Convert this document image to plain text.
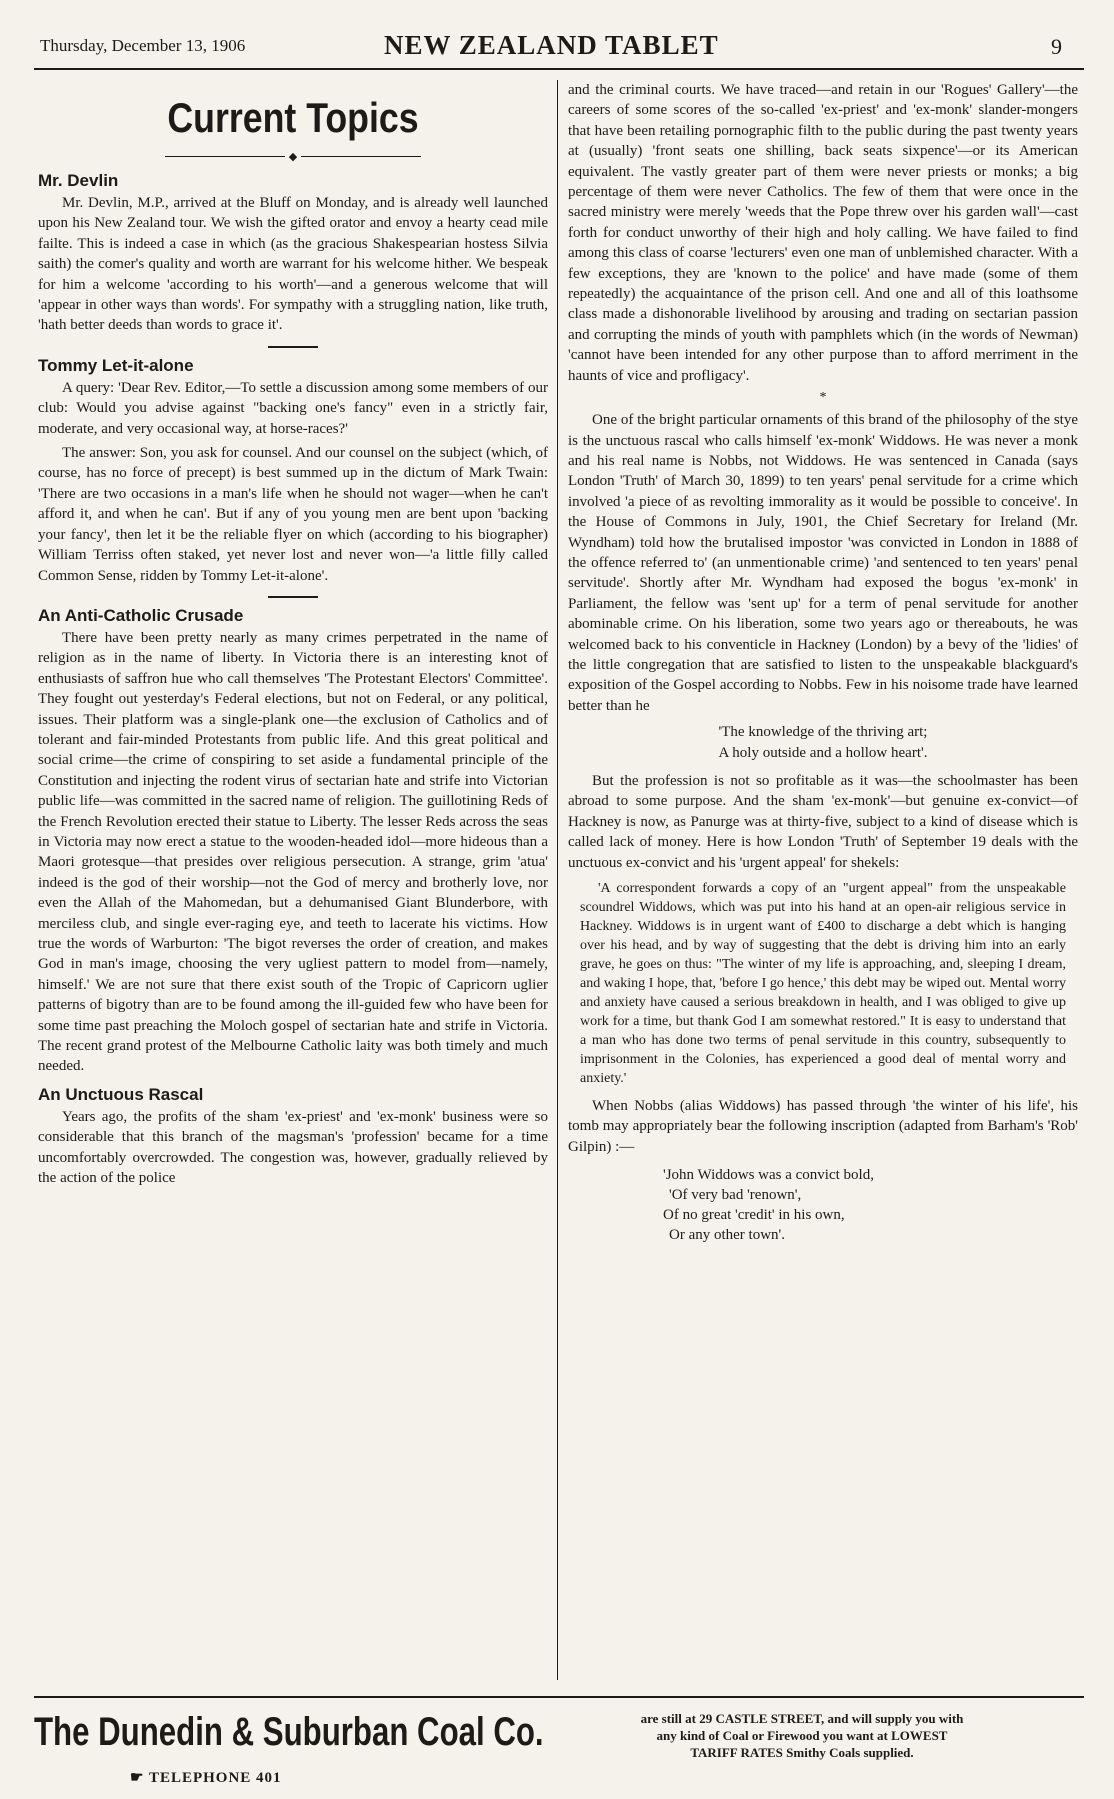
Thursday, December 13, 1906	NEW ZEALAND TABLET	9
Current Topics
◆
Mr. Devlin

Mr. Devlin, M.P., arrived at the Bluff on Monday, and is already well launched upon his New Zealand tour. We wish the gifted orator and envoy a hearty cead mile failte. This is indeed a case in which (as the gracious Shakespearian hostess Silvia saith) the comer's quality and worth are warrant for his welcome hither. We bespeak for him a welcome 'according to his worth'—and a generous welcome that will 'appear in other ways than words'. For sympathy with a struggling nation, like truth, 'hath better deeds than words to grace it'.

Tommy Let-it-alone

A query: 'Dear Rev. Editor,—To settle a discussion among some members of our club: Would you advise against "backing one's fancy" even in a strictly fair, moderate, and very occasional way, at horse-races?'

The answer: Son, you ask for counsel. And our counsel on the subject (which, of course, has no force of precept) is best summed up in the dictum of Mark Twain: 'There are two occasions in a man's life when he should not wager—when he can't afford it, and when he can'. But if any of you young men are bent upon 'backing your fancy', then let it be the reliable flyer on which (according to his biographer) William Terriss often staked, yet never lost and never won—'a little filly called Common Sense, ridden by Tommy Let-it-alone'.

An Anti-Catholic Crusade

There have been pretty nearly as many crimes perpetrated in the name of religion as in the name of liberty. In Victoria there is an interesting knot of enthusiasts of saffron hue who call themselves 'The Protestant Electors' Committee'. They fought out yesterday's Federal elections, but not on Federal, or any political, issues. Their platform was a single-plank one—the exclusion of Catholics and of tolerant and fair-minded Protestants from public life. And this great political and social crime—the crime of conspiring to set aside a fundamental principle of the Constitution and injecting the rodent virus of sectarian hate and strife into Victorian public life—was committed in the sacred name of religion. The guillotining Reds of the French Revolution erected their statue to Liberty. The lesser Reds across the seas in Victoria may now erect a statue to the wooden-headed idol—more hideous than a Maori grotesque—that presides over religious persecution. A strange, grim 'atua' indeed is the god of their worship—not the God of mercy and brotherly love, nor even the Allah of the Mahomedan, but a dehumanised Giant Blunderbore, with merciless club, and single ever-raging eye, and teeth to lacerate his victims. How true the words of Warburton: 'The bigot reverses the order of creation, and makes God in man's image, choosing the very ugliest pattern to model from—namely, himself.' We are not sure that there exist south of the Tropic of Capricorn uglier patterns of bigotry than are to be found among the ill-guided few who have been for some time past preaching the Moloch gospel of sectarian hate and strife in Victoria. The recent grand protest of the Melbourne Catholic laity was both timely and much needed.

An Unctuous Rascal

Years ago, the profits of the sham 'ex-priest' and 'ex-monk' business were so considerable that this branch of the magsman's 'profession' became for a time uncomfortably overcrowded. The congestion was, however, gradually relieved by the action of the police

and the criminal courts. We have traced—and retain in our 'Rogues' Gallery'—the careers of some scores of the so-called 'ex-priest' and 'ex-monk' slander-mongers that have been retailing pornographic filth to the public during the past twenty years at (usually) 'front seats one shilling, back seats sixpence'—or its American equivalent. The vastly greater part of them were never priests or monks; a big percentage of them were never Catholics. The few of them that were once in the sacred ministry were merely 'weeds that the Pope threw over his garden wall'—cast forth for conduct unworthy of their high and holy calling. We have failed to find among this class of coarse 'lecturers' even one man of unblemished character. With a few exceptions, they are 'known to the police' and have made (some of them repeatedly) the acquaintance of the prison cell. And one and all of this loathsome class made a dishonorable livelihood by arousing and trading on sectarian passion and corrupting the minds of youth with pamphlets which (in the words of Newman) 'cannot have been intended for any other purpose than to afford merriment in the haunts of vice and profligacy'.

*

One of the bright particular ornaments of this brand of the philosophy of the stye is the unctuous rascal who calls himself 'ex-monk' Widdows. He was never a monk and his real name is Nobbs, not Widdows. He was sentenced in Canada (says London 'Truth' of March 30, 1899) to ten years' penal servitude for a crime which involved 'a piece of as revolting immorality as it would be possible to conceive'. In the House of Commons in July, 1901, the Chief Secretary for Ireland (Mr. Wyndham) told how the brutalised impostor 'was convicted in London in 1888 of the offence referred to' (an unmentionable crime) 'and sentenced to ten years' penal servitude'. Shortly after Mr. Wyndham had exposed the bogus 'ex-monk' in Parliament, the fellow was 'sent up' for a term of penal servitude for another abominable crime. On his liberation, some two years ago or thereabouts, he was welcomed back to his conventicle in Hackney (London) by a bevy of the 'lidies' of the little congregation that are satisfied to listen to the unspeakable blackguard's exposition of the Gospel according to Nobbs. Few in his noisome trade have learned better than he

'The knowledge of the thriving art;
A holy outside and a hollow heart'.

But the profession is not so profitable as it was—the schoolmaster has been abroad to some purpose. And the sham 'ex-monk'—but genuine ex-convict—of Hackney is now, as Panurge was at thirty-five, subject to a kind of disease which is called lack of money. Here is how London 'Truth' of September 19 deals with the unctuous ex-convict and his 'urgent appeal' for shekels:

'A correspondent forwards a copy of an "urgent appeal" from the unspeakable scoundrel Widdows, which was put into his hand at an open-air religious service in Hackney. Widdows is in urgent want of £400 to discharge a debt which is hanging over his head, and by way of suggesting that the debt is driving him into an early grave, he goes on thus: "The winter of my life is approaching, and, sleeping I dream, and waking I hope, that, 'before I go hence,' this debt may be wiped out. Mental worry and anxiety have caused a serious breakdown in health, and I was obliged to give up work for a time, but thank God I am somewhat restored." It is easy to understand that a man who has done two terms of penal servitude in this country, subsequently to imprisonment in the Colonies, has experienced a good deal of mental worry and anxiety.'

When Nobbs (alias Widdows) has passed through 'the winter of his life', his tomb may appropriately bear the following inscription (adapted from Barham's 'Rob' Gilpin) :—

'John Widdows was a convict bold,
'Of very bad 'renown',
Of no great 'credit' in his own,
Or any other town'.
The Dunedin & Suburban Coal Co.
☛ TELEPHONE 401
are still at 29 CASTLE STREET, and will supply you with
any kind of Coal or Firewood you want at LOWEST
TARIFF RATES Smithy Coals supplied.
